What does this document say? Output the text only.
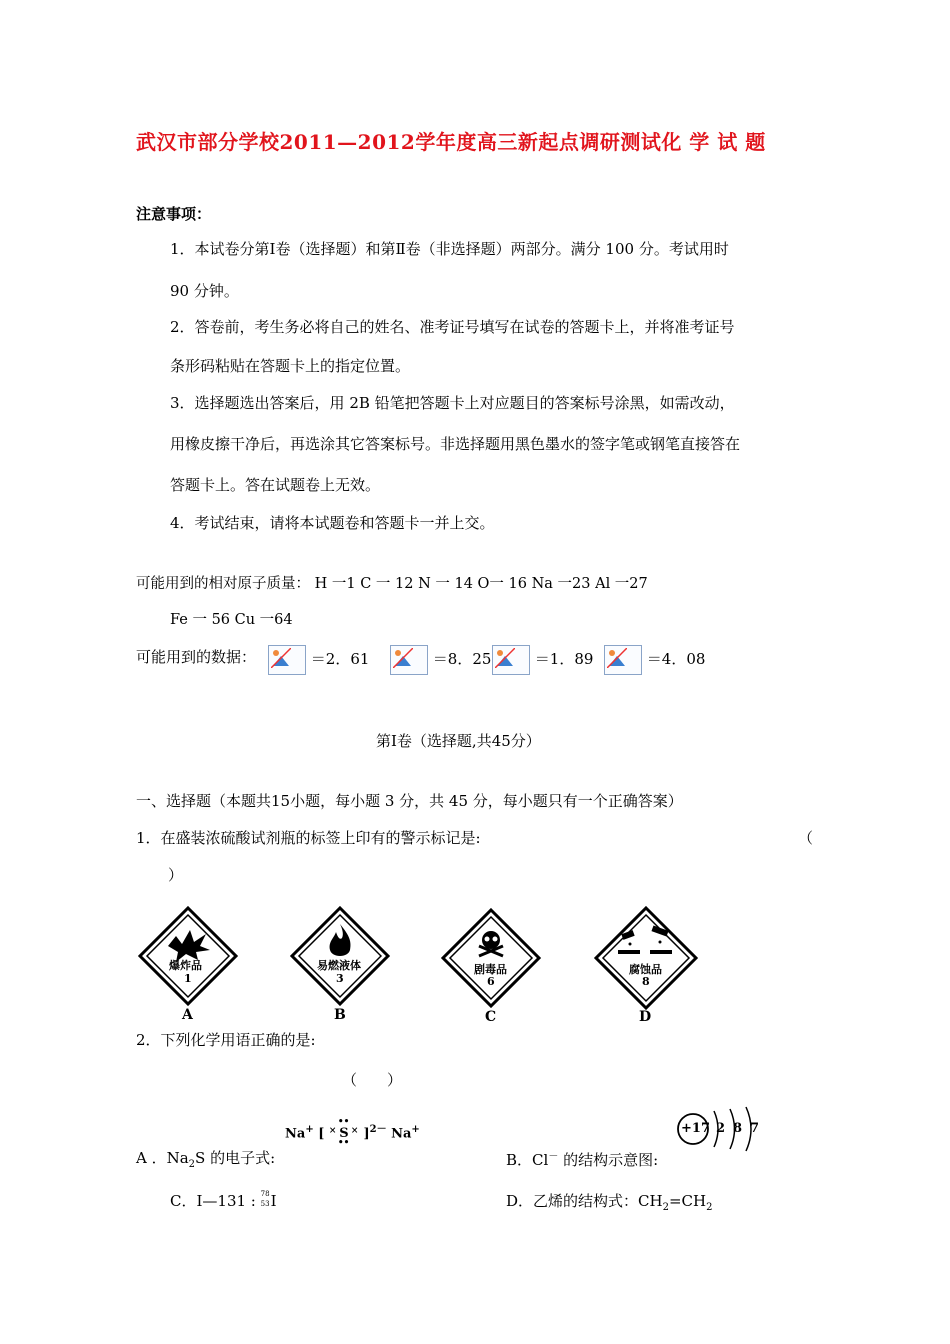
武汉市部分学校2011—2012学年度高三新起点调研测试化 学 试 题
注意事项：
1．本试卷分第Ⅰ卷（选择题）和第Ⅱ卷（非选择题）两部分。满分 100 分。考试用时
90 分钟。
2．答卷前，考生务必将自己的姓名、准考证号填写在试卷的答题卡上，并将准考证号
条形码粘贴在答题卡上的指定位置。
3．选择题选出答案后，用 2B 铅笔把答题卡上对应题目的答案标号涂黑，如需改动，
用橡皮擦干净后，再选涂其它答案标号。非选择题用黑色墨水的签字笔或钢笔直接答在
答题卡上。答在试题卷上无效。
4．考试结束，请将本试题卷和答题卡一并上交。
可能用到的相对原子质量： H 一1 C 一 12 N 一 14 O一 16 Na 一23 Al 一27
Fe 一 56 Cu 一64
可能用到的数据：	＝2．61	＝8．25	＝1．89	＝4．08
第Ⅰ卷（选择题,共45分）
一、选择题（本题共15小题，每小题 3 分，共 45 分，每小题只有一个正确答案）
1．在盛装浓硫酸试剂瓶的标签上印有的警示标记是:	（
）
爆炸品
1
A
易燃液体
3
B
剧毒品
6
C
腐蚀品
8
D
2．下列化学用语正确的是:
（　　）
Na+ [ S
••
••
× × ]$^{2-}$ Na+
A ．$Na_2S$ 的电子式:
+17 2 8 7
B．Cl－ 的结构示意图:
C．I—131 : 78
53 I	D．乙烯的结构式：$CH_2=CH_2$
